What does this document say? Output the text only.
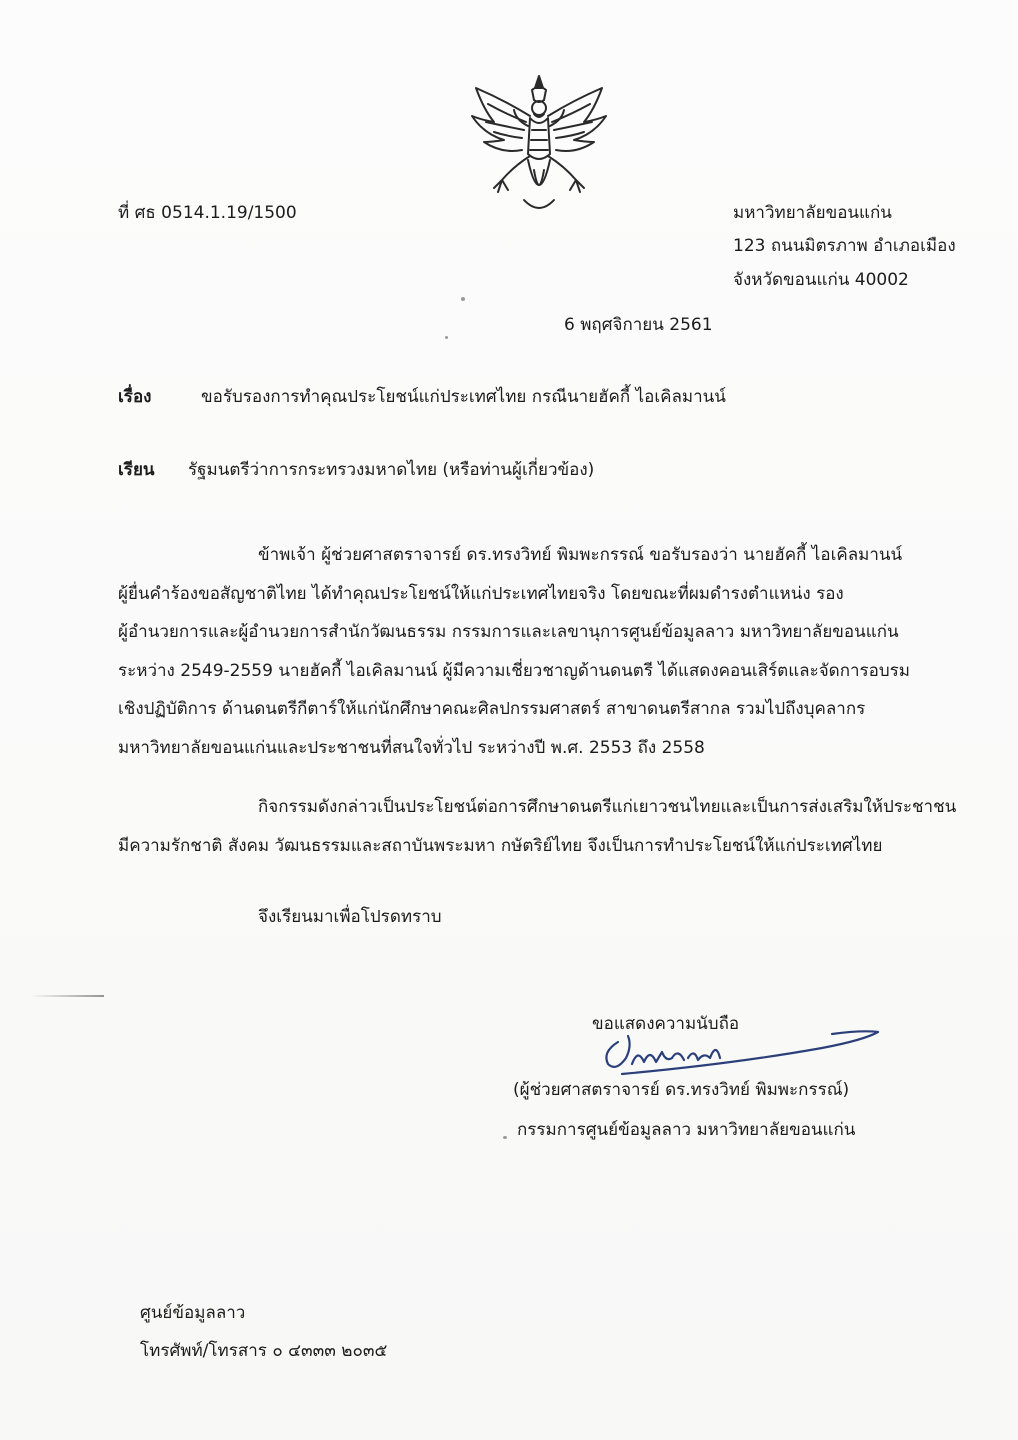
ที่ ศธ 0514.1.19/1500	มหาวิทยาลัยขอนแก่น
123 ถนนมิตรภาพ อำเภอเมือง
จังหวัดขอนแก่น 40002
6 พฤศจิกายน 2561
เรื่อง	ขอรับรองการทำคุณประโยชน์แก่ประเทศไทย กรณีนายฮัคกี้ ไอเคิลมานน์
เรียน รัฐมนตรีว่าการกระทรวงมหาดไทย (หรือท่านผู้เกี่ยวข้อง)
ข้าพเจ้า ผู้ช่วยศาสตราจารย์ ดร.ทรงวิทย์ พิมพะกรรณ์ ขอรับรองว่า นายฮัคกี้ ไอเคิลมานน์
ผู้ยื่นคำร้องขอสัญชาติไทย ได้ทำคุณประโยชน์ให้แก่ประเทศไทยจริง โดยขณะที่ผมดำรงตำแหน่ง รอง
ผู้อำนวยการและผู้อำนวยการสำนักวัฒนธรรม กรรมการและเลขานุการศูนย์ข้อมูลลาว มหาวิทยาลัยขอนแก่น
ระหว่าง 2549-2559 นายฮัคกี้ ไอเคิลมานน์ ผู้มีความเชี่ยวชาญด้านดนตรี ได้แสดงคอนเสิร์ตและจัดการอบรม
เชิงปฏิบัติการ ด้านดนตรีกีตาร์ให้แก่นักศึกษาคณะศิลปกรรมศาสตร์ สาขาดนตรีสากล รวมไปถึงบุคลากร
มหาวิทยาลัยขอนแก่นและประชาชนที่สนใจทั่วไป ระหว่างปี พ.ศ. 2553 ถึง 2558
กิจกรรมดังกล่าวเป็นประโยชน์ต่อการศึกษาดนตรีแก่เยาวชนไทยและเป็นการส่งเสริมให้ประชาชน
มีความรักชาติ สังคม วัฒนธรรมและสถาบันพระมหา กษัตริย์ไทย จึงเป็นการทำประโยชน์ให้แก่ประเทศไทย
จึงเรียนมาเพื่อโปรดทราบ
ขอแสดงความนับถือ
(ผู้ช่วยศาสตราจารย์ ดร.ทรงวิทย์ พิมพะกรรณ์)
กรรมการศูนย์ข้อมูลลาว มหาวิทยาลัยขอนแก่น
ศูนย์ข้อมูลลาว
โทรศัพท์/โทรสาร ๐ ๔๓๓๓ ๒๐๓๕
